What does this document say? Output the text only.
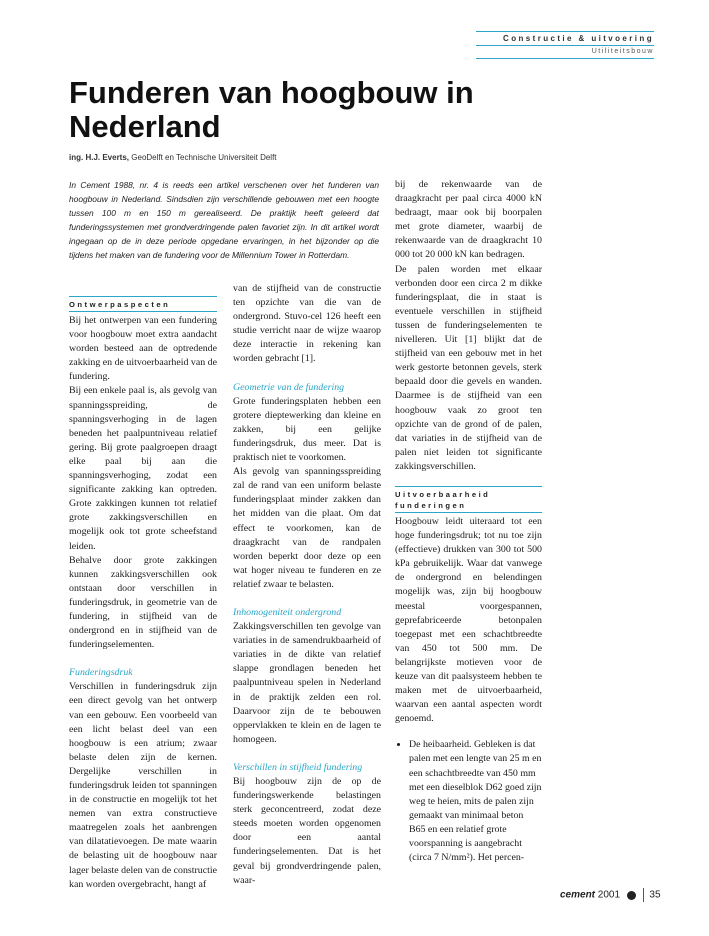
Constructie & uitvoering
Utiliteitsbouw
Funderen van hoogbouw in Nederland
ing. H.J. Everts, GeoDelft en Technische Universiteit Delft

In Cement 1988, nr. 4 is reeds een artikel verschenen over het funderen van hoogbouw in Nederland. Sindsdien zijn verschillende gebouwen met een hoogte tussen 100 m en 150 m gerealiseerd. De praktijk heeft geleerd dat funderingssystemen met grondverdringende palen favoriet zijn. In dit artikel wordt ingegaan op de in deze periode opgedane ervaringen, in het bijzonder op die tijdens het maken van de fundering voor de Millennium Tower in Rotterdam.

Ontwerpaspecten

Bij het ontwerpen van een fundering voor hoogbouw moet extra aandacht worden besteed aan de optredende zakking en de uitvoerbaarheid van de fundering.

Bij een enkele paal is, als gevolg van spanningsspreiding, de spanningsverhoging in de lagen beneden het paalpuntniveau relatief gering. Bij grote paalgroepen draagt elke paal bij aan die spanningsverhoging, zodat een significante zakking kan optreden. Grote zakkingen kunnen tot relatief grote zakkingsverschillen en mogelijk ook tot grote scheefstand leiden.

Behalve door grote zakkingen kunnen zakkingsverschillen ook ontstaan door verschillen in funderingsdruk, in geometrie van de fundering, in stijfheid van de ondergrond en in stijfheid van de funderingselementen.

Funderingsdruk

Verschillen in funderingsdruk zijn een direct gevolg van het ontwerp van een gebouw. Een voorbeeld van een licht belast deel van een hoogbouw is een atrium; zwaar belaste delen zijn de kernen. Dergelijke verschillen in funderingsdruk leiden tot spanningen in de constructie en mogelijk tot het nemen van extra constructieve maatregelen zoals het aanbrengen van dilatatievoegen. De mate waarin de belasting uit de hoogbouw naar lager belaste delen van de constructie kan worden overgebracht, hangt af

van de stijfheid van de constructie ten opzichte van die van de ondergrond. Stuvo-cel 126 heeft een studie verricht naar de wijze waarop deze interactie in rekening kan worden gebracht [1].

Geometrie van de fundering

Grote funderingsplaten hebben een grotere dieptewerking dan kleine en zakken, bij een gelijke funderingsdruk, dus meer. Dat is praktisch niet te voorkomen.

Als gevolg van spanningsspreiding zal de rand van een uniform belaste funderingsplaat minder zakken dan het midden van die plaat. Om dat effect te voorkomen, kan de draagkracht van de randpalen worden beperkt door deze op een wat hoger niveau te funderen en ze relatief zwaar te belasten.

Inhomogeniteit ondergrond

Zakkingsverschillen ten gevolge van variaties in de samendrukbaarheid of variaties in de dikte van relatief slappe grondlagen beneden het paalpuntniveau spelen in Nederland in de praktijk zelden een rol. Daarvoor zijn de te bebouwen oppervlakken te klein en de lagen te homogeen.

Verschillen in stijfheid fundering

Bij hoogbouw zijn de op de funderingswerkende belastingen sterk geconcentreerd, zodat deze steeds moeten worden opgenomen door een aantal funderingselementen. Dat is het geval bij grondverdringende palen, waar-

bij de rekenwaarde van de draagkracht per paal circa 4000 kN bedraagt, maar ook bij boorpalen met grote diameter, waarbij de rekenwaarde van de draagkracht 10 000 tot 20 000 kN kan bedragen.

De palen worden met elkaar verbonden door een circa 2 m dikke funderingsplaat, die in staat is eventuele verschillen in stijfheid tussen de funderingselementen te nivelleren. Uit [1] blijkt dat de stijfheid van een gebouw met in het werk gestorte betonnen gevels, sterk bepaald door die gevels en wanden. Daarmee is de stijfheid van een hoogbouw vaak zo groot ten opzichte van de grond of de palen, dat variaties in de stijfheid van de palen niet leiden tot significante zakkingsverschillen.

Uitvoerbaarheid funderingen

Hoogbouw leidt uiteraard tot een hoge funderingsdruk; tot nu toe zijn (effectieve) drukken van 300 tot 500 kPa gebruikelijk. Waar dat vanwege de ondergrond en belendingen mogelijk was, zijn bij hoogbouw meestal voorgespannen, geprefabriceerde betonpalen toegepast met een schachtbreedte van 450 tot 500 mm. De belangrijkste motieven voor de keuze van dit paalsysteem hebben te maken met de uitvoerbaarheid, waarvan een aantal aspecten wordt genoemd.

• De heibaarheid. Gebleken is dat palen met een lengte van 25 m en een schachtbreedte van 450 mm met een dieselblok D62 goed zijn weg te heien, mits de palen zijn gemaakt van minimaal beton B65 en een relatief grote voorspanning is aangebracht (circa 7 N/mm²). Het percen-
cement 2001	35
